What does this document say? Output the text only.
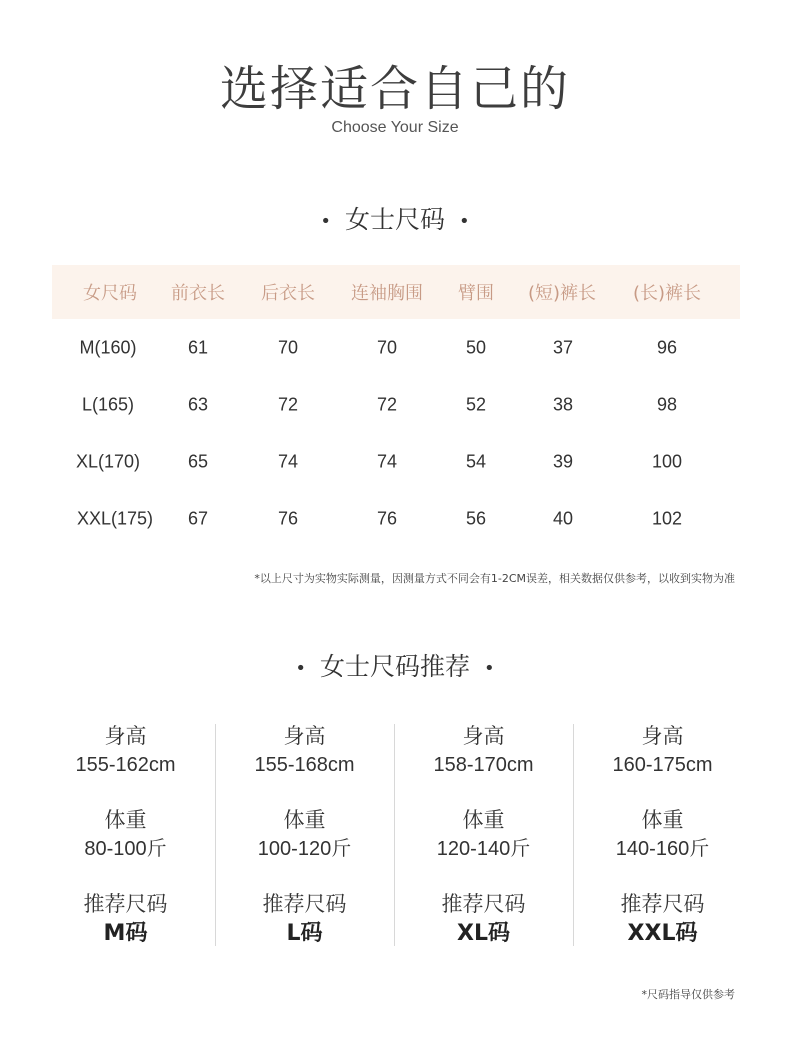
选择适合自己的
Choose Your Size
• 女士尺码 •
女尺码 前衣长 后衣长 连袖胸围 臂围 (短)裤长 (长)裤长
M(160)	61	70	70	50	37	96
L(165)	63	72	72	52	38	98
XL(170)	65	74	74	54	39	100
XXL(175) 67	76	76	56	40	102
*以上尺寸为实物实际测量，因测量方式不同会有1-2CM误差，相关数据仅供参考，以收到实物为准
• 女士尺码推荐 •
身高
155-162cm
体重
80-100斤
推荐尺码
M码
身高
155-168cm
体重
100-120斤
推荐尺码
L码
身高
158-170cm
体重
120-140斤
推荐尺码
XL码
身高
160-175cm
体重
140-160斤
推荐尺码
XXL码
*尺码指导仅供参考
